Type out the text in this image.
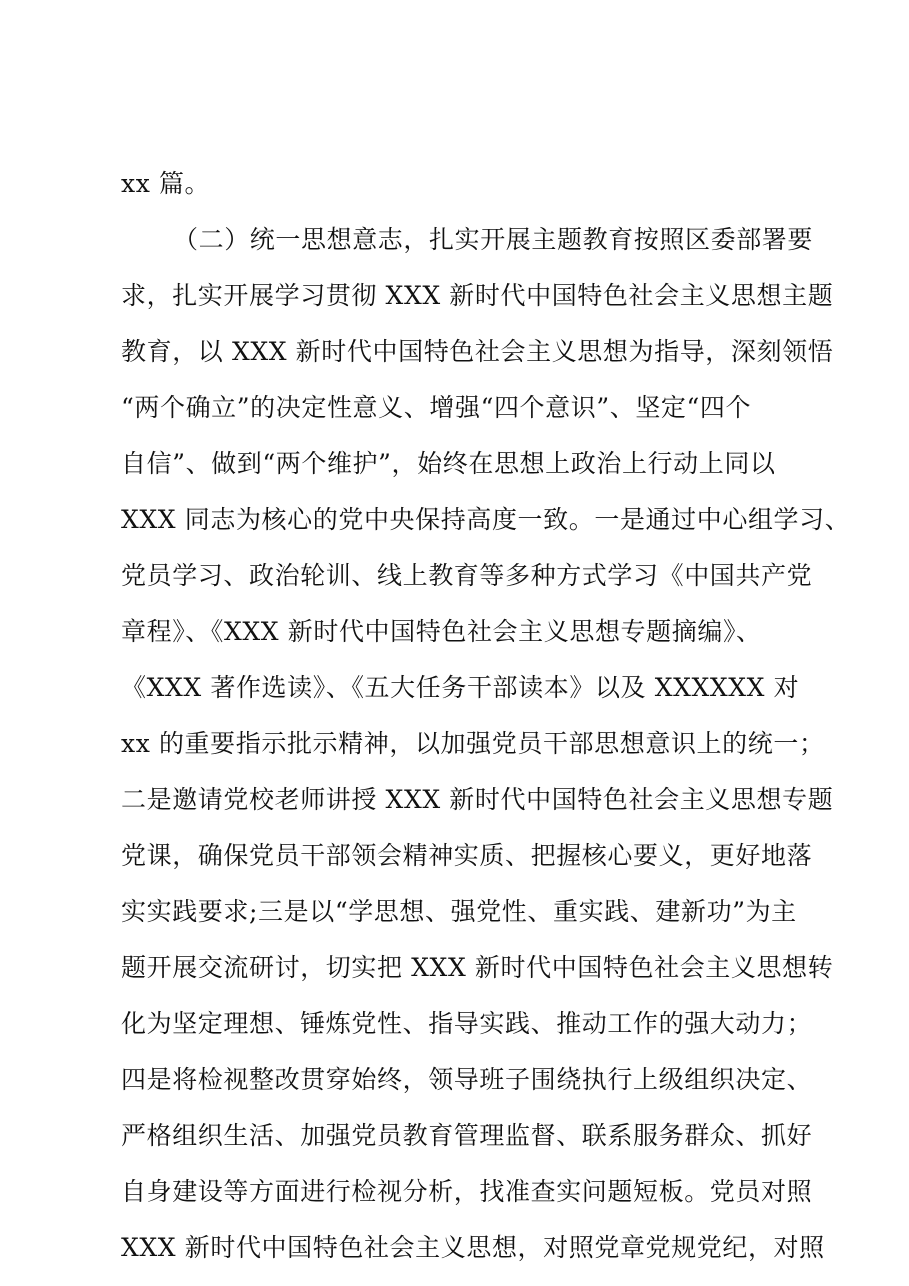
xx 篇。
（二）统一思想意志，扎实开展主题教育按照区委部署要
求，扎实开展学习贯彻 XXX 新时代中国特色社会主义思想主题
教育，以 XXX 新时代中国特色社会主义思想为指导，深刻领悟
“两个确立”的决定性意义、增强“四个意识”、坚定“四个
自信”、做到“两个维护”，始终在思想上政治上行动上同以
XXX 同志为核心的党中央保持高度一致。一是通过中心组学习、
党员学习、政治轮训、线上教育等多种方式学习《中国共产党
章程》、《XXX 新时代中国特色社会主义思想专题摘编》、
《XXX 著作选读》、《五大任务干部读本》以及 XXXXXX 对
xx 的重要指示批示精神，以加强党员干部思想意识上的统一；
二是邀请党校老师讲授 XXX 新时代中国特色社会主义思想专题
党课，确保党员干部领会精神实质、把握核心要义，更好地落
实实践要求;三是以“学思想、强党性、重实践、建新功”为主
题开展交流研讨，切实把 XXX 新时代中国特色社会主义思想转
化为坚定理想、锤炼党性、指导实践、推动工作的强大动力；
四是将检视整改贯穿始终，领导班子围绕执行上级组织决定、
严格组织生活、加强党员教育管理监督、联系服务群众、抓好
自身建设等方面进行检视分析，找准查实问题短板。党员对照
XXX 新时代中国特色社会主义思想，对照党章党规党纪，对照
